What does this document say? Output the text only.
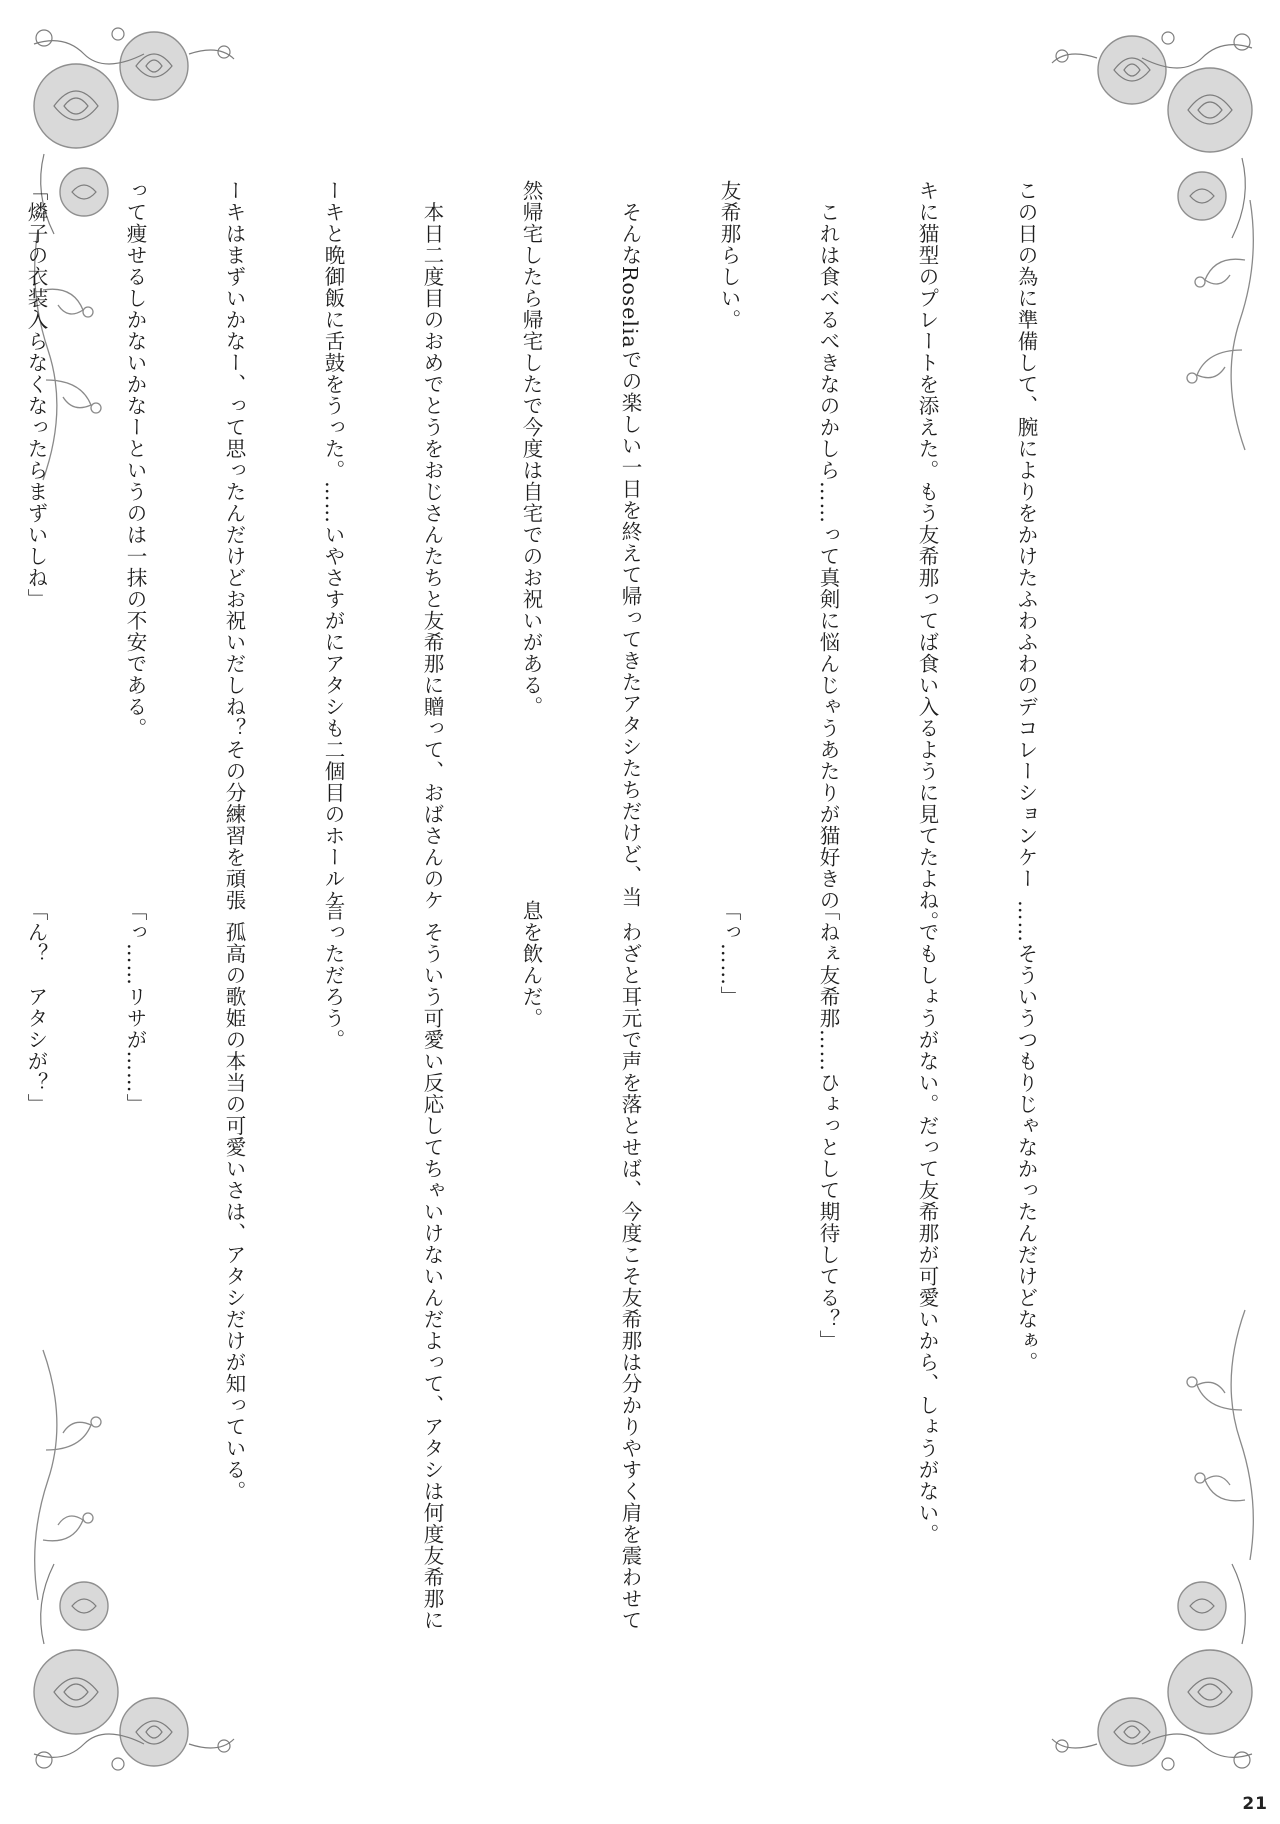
この日の為に準備して、腕によりをかけたふわふわのデコレーションケー

キに猫型のプレートを添えた。もう友希那ってば食い入るように見てたよね。

　これは食べるべきなのかしら……って真剣に悩んじゃうあたりが猫好きの

友希那らしい。

　そんなRoseliaでの楽しい一日を終えて帰ってきたアタシたちだけど、当

然帰宅したら帰宅したで今度は自宅でのお祝いがある。

　本日二度目のおめでとうをおじさんたちと友希那に贈って、おばさんのケ

ーキと晩御飯に舌鼓をうった。……いやさすがにアタシも二個目のホールケ

ーキはまずいかなー、って思ったんだけどお祝いだしね？その分練習を頑張

って痩せるしかないかなーというのは一抹の不安である。

「燐子の衣装入らなくなったらまずいしね」

……そういうつもりじゃなかったんだけどなぁ。

　でもしょうがない。だって友希那が可愛いから、しょうがない。

「ねぇ友希那……ひょっとして期待してる？」

「っ……」

　わざと耳元で声を落とせば、今度こそ友希那は分かりやすく肩を震わせて

息を飲んだ。

　そういう可愛い反応してちゃいけないんだよって、アタシは何度友希那に

言っただろう。

　孤高の歌姫の本当の可愛いさは、アタシだけが知っている。

「っ……リサが……」

「ん？　アタシが？」

21
